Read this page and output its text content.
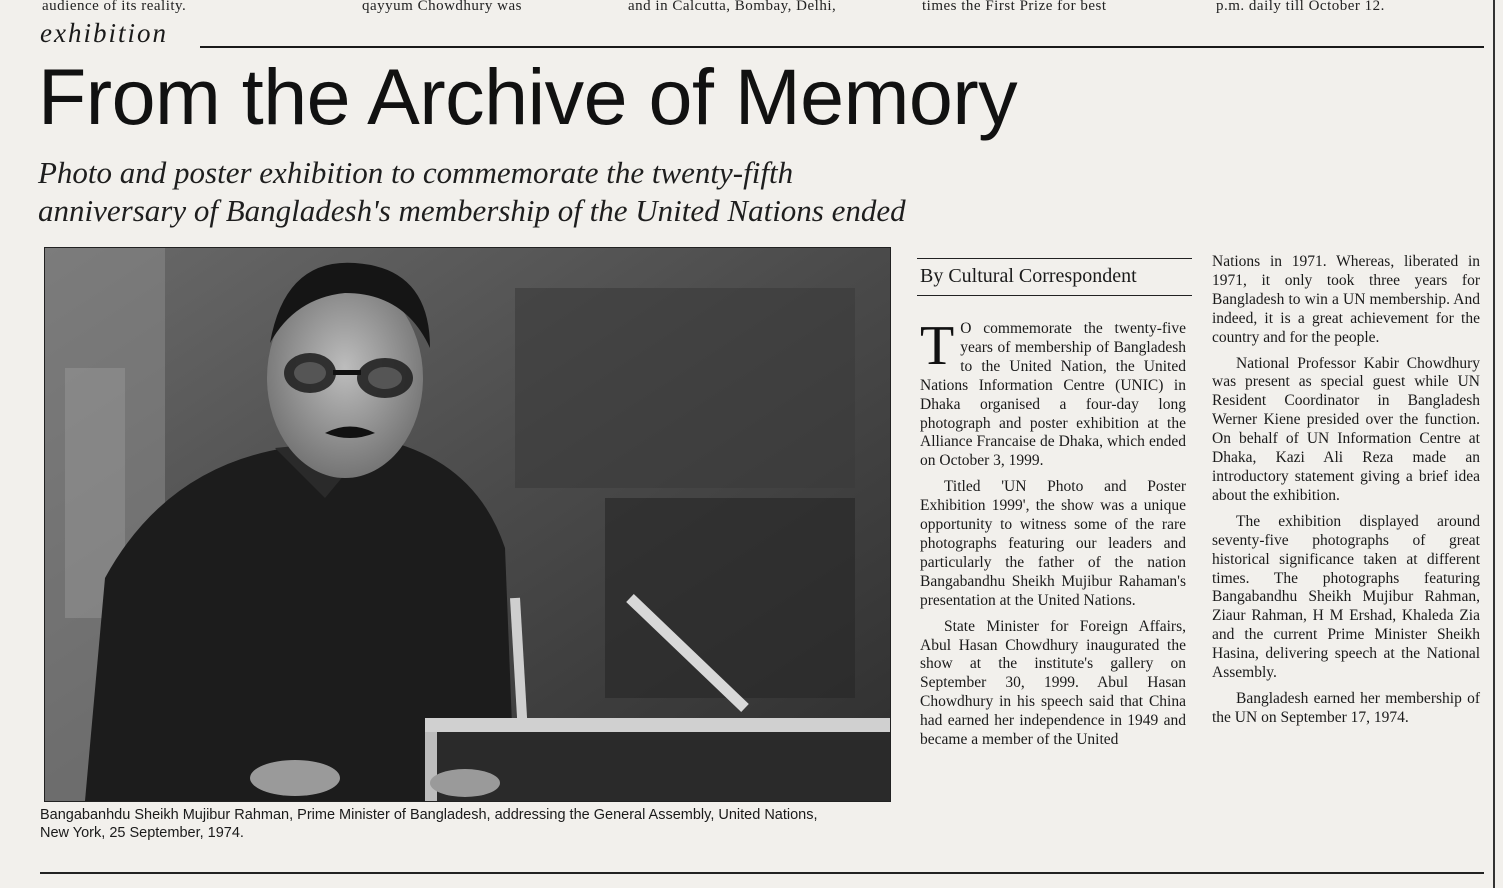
audience of its reality.	qayyum Chowdhury was	and in Calcutta, Bombay, Delhi,	times the First Prize for best	p.m. daily till October 12.
exhibition
From the Archive of Memory
Photo and poster exhibition to commemorate the twenty-fifth
anniversary of Bangladesh's membership of the United Nations ended
Bangabanhdu Sheikh Mujibur Rahman, Prime Minister of Bangladesh, addressing the General Assembly, United Nations,
New York, 25 September, 1974.
By Cultural Correspondent

T O commemorate the twenty-five years of membership of Bangladesh to the United Nation, the United Nations Information Centre (UNIC) in Dhaka organised a four-day long photograph and poster exhibition at the Alliance Francaise de Dhaka, which ended on October 3, 1999.

Titled 'UN Photo and Poster Exhibition 1999', the show was a unique opportunity to witness some of the rare photographs featuring our leaders and particularly the father of the nation Bangabandhu Sheikh Mujibur Rahaman's presentation at the United Nations.

State Minister for Foreign Affairs, Abul Hasan Chowdhury inaugurated the show at the institute's gallery on September 30, 1999. Abul Hasan Chowdhury in his speech said that China had earned her independence in 1949 and became a member of the United

Nations in 1971. Whereas, liberated in 1971, it only took three years for Bangladesh to win a UN membership. And indeed, it is a great achievement for the country and for the people.

National Professor Kabir Chowdhury was present as special guest while UN Resident Coordinator in Bangladesh Werner Kiene presided over the function. On behalf of UN Information Centre at Dhaka, Kazi Ali Reza made an introductory statement giving a brief idea about the exhibition.

The exhibition displayed around seventy-five photographs of great historical significance taken at different times. The photographs featuring Bangabandhu Sheikh Mujibur Rahman, Ziaur Rahman, H M Ershad, Khaleda Zia and the current Prime Minister Sheikh Hasina, delivering speech at the National Assembly.

Bangladesh earned her membership of the UN on September 17, 1974.
